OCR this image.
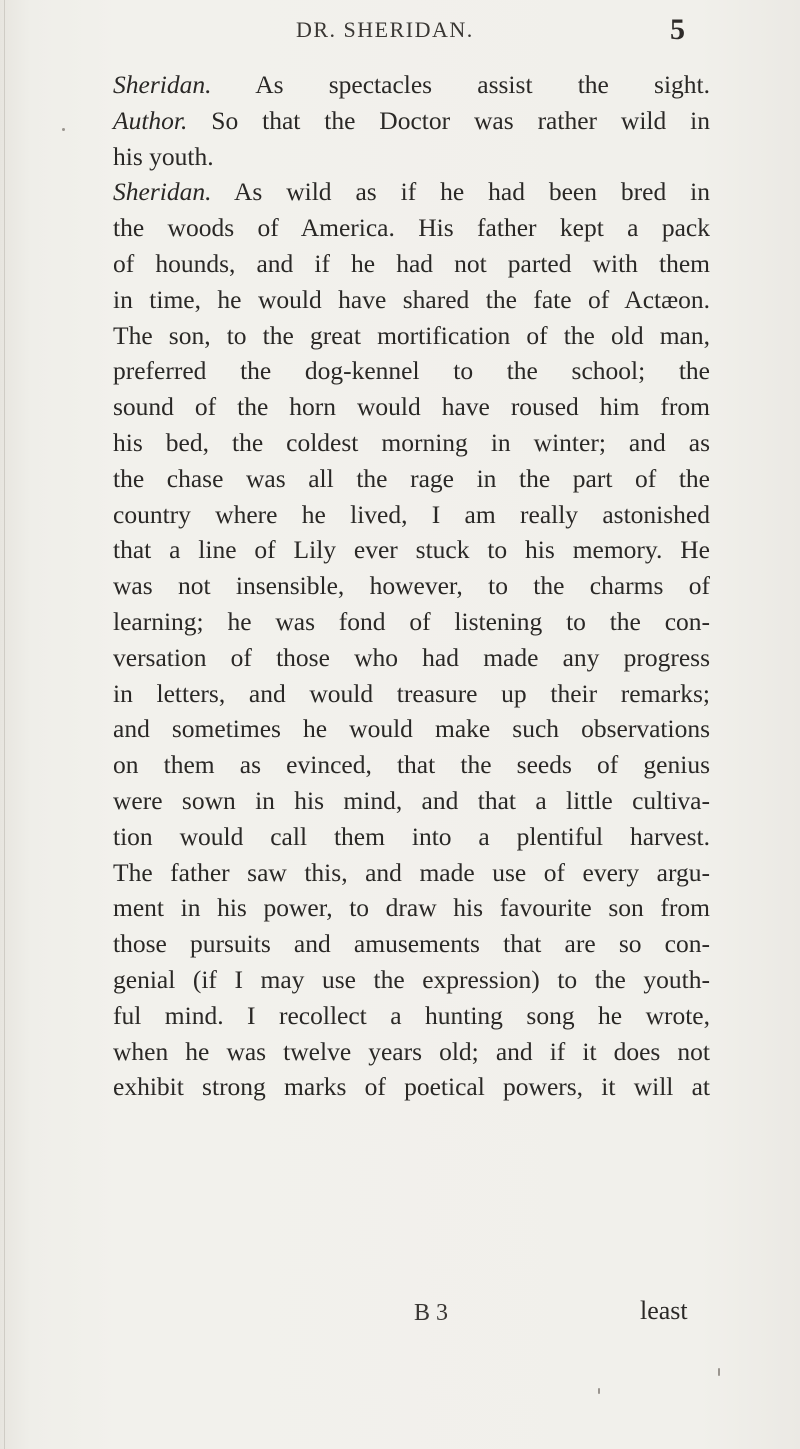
DR. SHERIDAN.	5
Sheridan. As spectacles assist the sight.
Author. So that the Doctor was rather wild in
his youth.
Sheridan. As wild as if he had been bred in
the woods of America. His father kept a pack
of hounds, and if he had not parted with them
in time, he would have shared the fate of Actæon.
The son, to the great mortification of the old man,
preferred the dog-kennel to the school; the
sound of the horn would have roused him from
his bed, the coldest morning in winter; and as
the chase was all the rage in the part of the
country where he lived, I am really astonished
that a line of Lily ever stuck to his memory. He
was not insensible, however, to the charms of
learning; he was fond of listening to the con-
versation of those who had made any progress
in letters, and would treasure up their remarks;
and sometimes he would make such observations
on them as evinced, that the seeds of genius
were sown in his mind, and that a little cultiva-
tion would call them into a plentiful harvest.
The father saw this, and made use of every argu-
ment in his power, to draw his favourite son from
those pursuits and amusements that are so con-
genial (if I may use the expression) to the youth-
ful mind. I recollect a hunting song he wrote,
when he was twelve years old; and if it does not
exhibit strong marks of poetical powers, it will at
B 3	least
